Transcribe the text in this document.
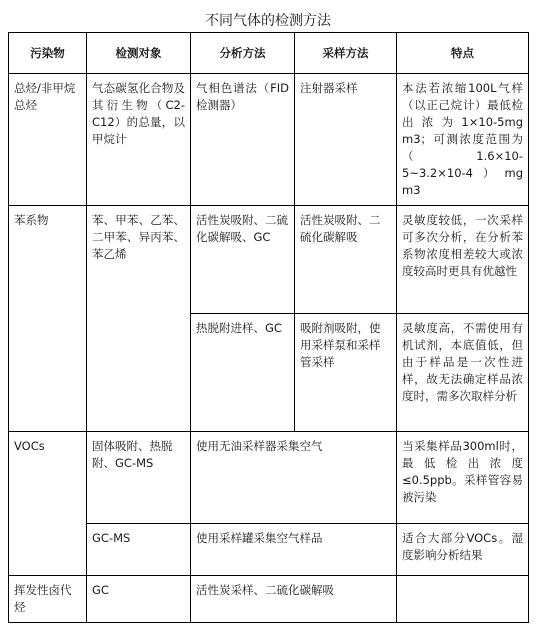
不同气体的检测方法
污染物	检测对象	分析方法	采样方法	特点
总烃/非甲烷总烃	气态碳氢化合物及其衍生物（C2-C12）的总量，以甲烷计	气相色谱法（FID检测器）	注射器采样	本法若浓缩100L气样（以正己烷计）最低检出浓为1×10-5mg m3；可测浓度范围为（1.6×10-5~3.2×10-4）mg m3
苯系物	苯、甲苯、乙苯、二甲苯、异丙苯、苯乙烯	活性炭吸附、二硫化碳解吸、GC	活性炭吸附、二硫化碳解吸	灵敏度较低，一次采样可多次分析，在分析苯系物浓度相差较大或浓度较高时更具有优越性
		热脱附进样、GC	吸附剂吸附，使用采样泵和采样管采样	灵敏度高，不需使用有机试剂，本底值低，但由于样品是一次性进样，故无法确定样品浓度时，需多次取样分析
VOCs	固体吸附、热脱附、GC-MS	使用无油采样器采集空气		当采集样品300ml时，最低检出浓度≤0.5ppb。采样管容易被污染
	GC-MS	使用采样罐采集空气样品		适合大部分VOCs。湿度影响分析结果
挥发性卤代烃	GC	活性炭采样、二硫化碳解吸		
